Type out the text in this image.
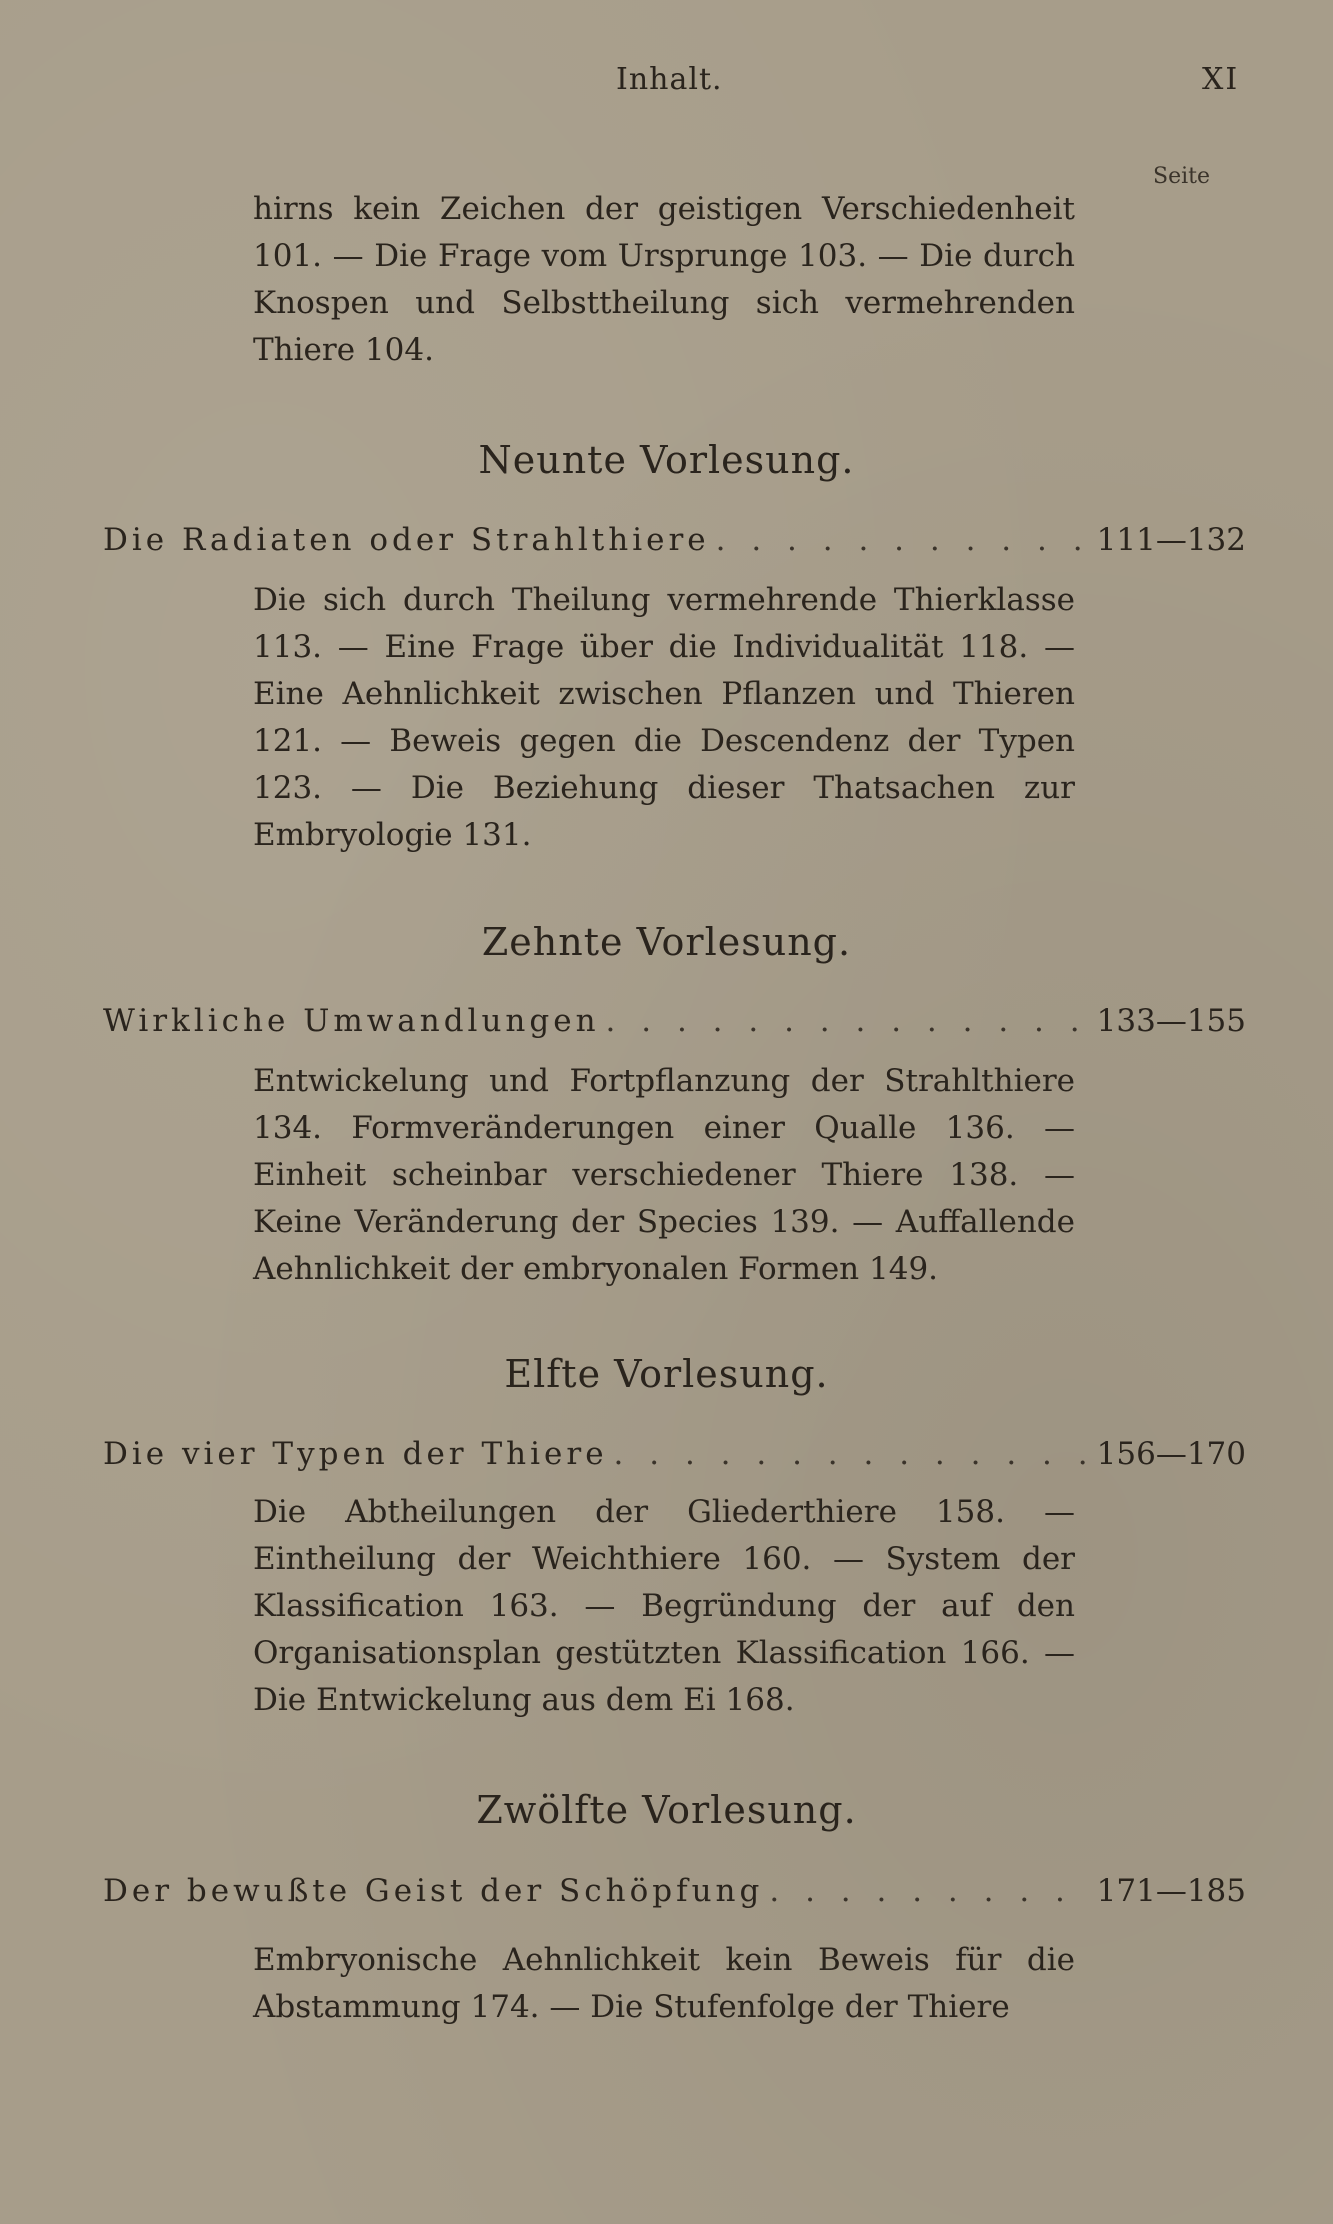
Inhalt.	XI
Seite
hirns kein Zeichen der geistigen Verschiedenheit 101. — Die Frage vom Ursprunge 103. — Die durch Knospen und Selbsttheilung sich vermehrenden Thiere 104.
Neunte Vorlesung.
Die Radiaten oder Strahlthiere . . .	111—132
Die sich durch Theilung vermehrende Thierklasse 113. — Eine Frage über die Individualität 118. — Eine Aehnlichkeit zwischen Pflanzen und Thieren 121. — Beweis gegen die Descendenz der Typen 123. — Die Beziehung dieser Thatsachen zur Embryologie 131.
Zehnte Vorlesung.
Wirkliche Umwandlungen . . .	133—155
Entwickelung und Fortpflanzung der Strahlthiere 134. Formveränderungen einer Qualle 136. — Einheit scheinbar verschiedener Thiere 138. — Keine Veränderung der Species 139. — Auffallende Aehnlichkeit der embryonalen Formen 149.
Elfte Vorlesung.
Die vier Typen der Thiere . . .	156—170
Die Abtheilungen der Gliederthiere 158. — Eintheilung der Weichthiere 160. — System der Klassification 163. — Begründung der auf den Organisationsplan gestützten Klassification 166. — Die Entwickelung aus dem Ei 168.
Zwölfte Vorlesung.
Der bewußte Geist der Schöpfung . . .	171—185
Embryonische Aehnlichkeit kein Beweis für die Abstammung 174. — Die Stufenfolge der Thiere
